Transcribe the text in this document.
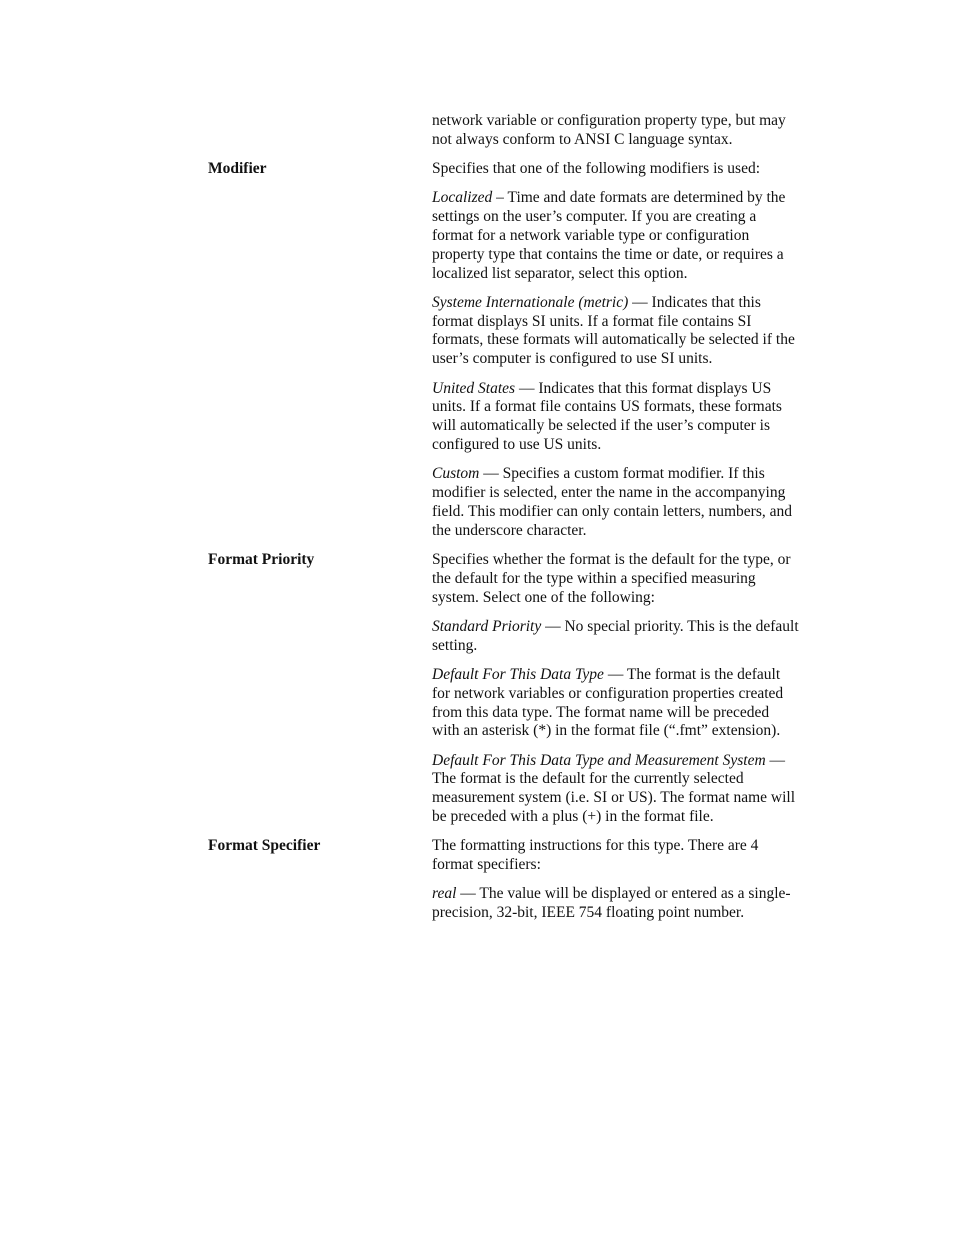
network variable or configuration property type, but may not always conform to ANSI C language syntax.

Modifier	Specifies that one of the following modifiers is used:

Localized – Time and date formats are determined by the settings on the user’s computer. If you are creating a format for a network variable type or configuration property type that contains the time or date, or requires a localized list separator, select this option.

Systeme Internationale (metric) — Indicates that this format displays SI units. If a format file contains SI formats, these formats will automatically be selected if the user’s computer is configured to use SI units.

United States — Indicates that this format displays US units. If a format file contains US formats, these formats will automatically be selected if the user’s computer is configured to use US units.

Custom — Specifies a custom format modifier. If this modifier is selected, enter the name in the accompanying field. This modifier can only contain letters, numbers, and the underscore character.

Format Priority	Specifies whether the format is the default for the type, or the default for the type within a specified measuring system. Select one of the following:

Standard Priority — No special priority. This is the default setting.

Default For This Data Type — The format is the default for network variables or configuration properties created from this data type. The format name will be preceded with an asterisk (*) in the format file (“.fmt” extension).

Default For This Data Type and Measurement System — The format is the default for the currently selected measurement system (i.e. SI or US). The format name will be preceded with a plus (+) in the format file.

Format Specifier	The formatting instructions for this type. There are 4 format specifiers:

real — The value will be displayed or entered as a single-precision, 32-bit, IEEE 754 floating point number.
